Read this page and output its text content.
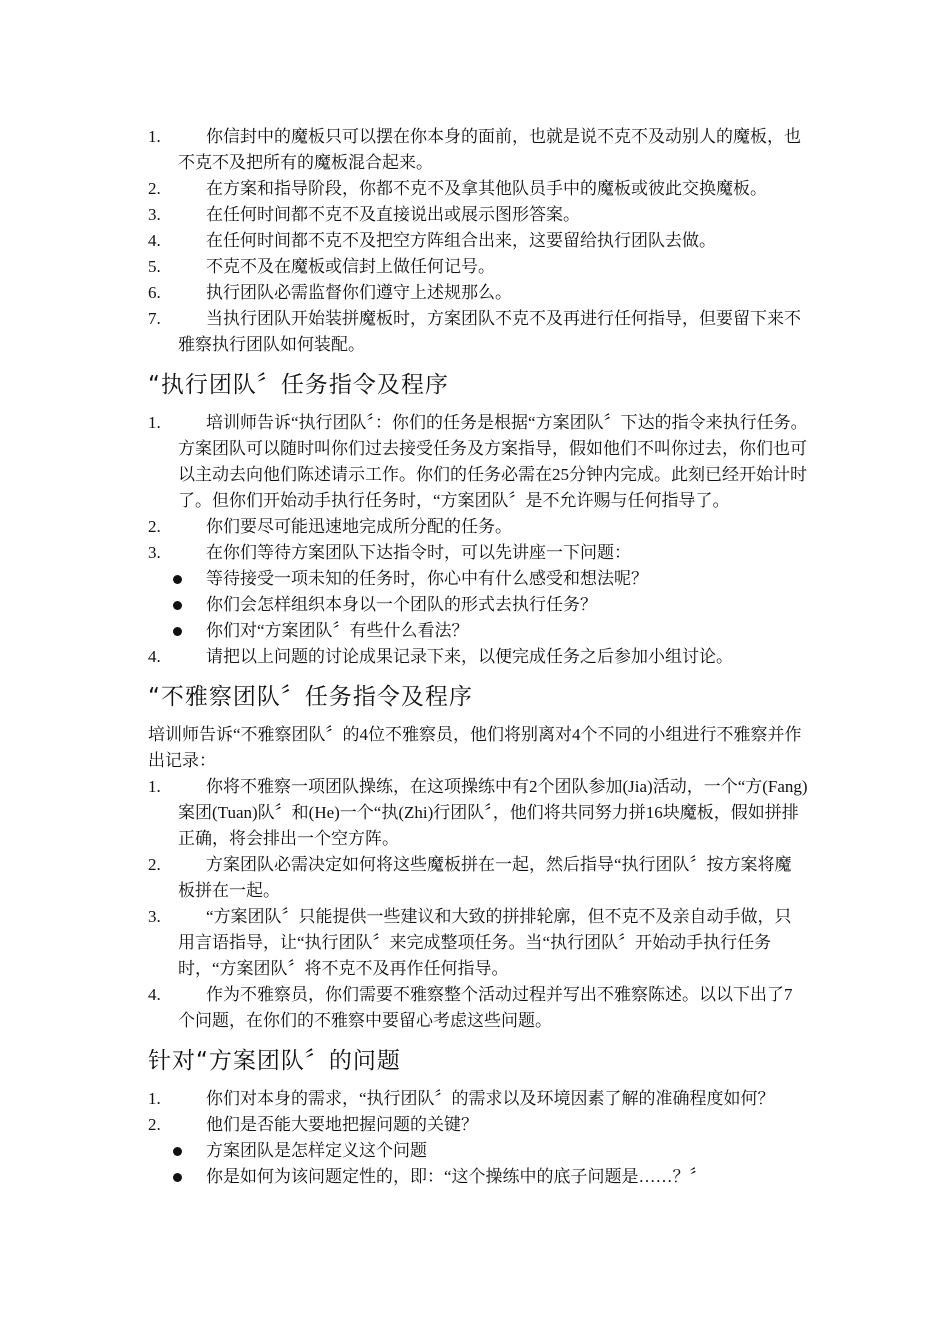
1.	你信封中的魔板只可以摆在你本身的面前，也就是说不克不及动别人的魔板，也不克不及把所有的魔板混合起来。
2.	在方案和指导阶段，你都不克不及拿其他队员手中的魔板或彼此交换魔板。
3.	在任何时间都不克不及直接说出或展示图形答案。
4.	在任何时间都不克不及把空方阵组合出来，这要留给执行团队去做。
5.	不克不及在魔板或信封上做任何记号。
6.	执行团队必需监督你们遵守上述规那么。
7.	当执行团队开始装拼魔板时，方案团队不克不及再进行任何指导，但要留下来不雅察执行团队如何装配。
“执行团队〞任务指令及程序
1.	培训师告诉“执行团队〞：你们的任务是根据“方案团队〞下达的指令来执行任务。方案团队可以随时叫你们过去接受任务及方案指导，假如他们不叫你过去，你们也可以主动去向他们陈述请示工作。你们的任务必需在25分钟内完成。此刻已经开始计时了。但你们开始动手执行任务时，“方案团队〞是不允许赐与任何指导了。
2.	你们要尽可能迅速地完成所分配的任务。
3.	在你们等待方案团队下达指令时，可以先讲座一下问题：
等待接受一项未知的任务时，你心中有什么感受和想法呢？
你们会怎样组织本身以一个团队的形式去执行任务？
你们对“方案团队〞有些什么看法？
4.	请把以上问题的讨论成果记录下来，以便完成任务之后参加小组讨论。
“不雅察团队〞任务指令及程序

培训师告诉“不雅察团队〞的4位不雅察员，他们将别离对4个不同的小组进行不雅察并作出记录：

1.	你将不雅察一项团队操练，在这项操练中有2个团队参加(Jia)活动，一个“方(Fang)案团(Tuan)队〞和(He)一个“执(Zhi)行团队〞，他们将共同努力拼16块魔板，假如拼排正确，将会排出一个空方阵。
2.	方案团队必需决定如何将这些魔板拼在一起，然后指导“执行团队〞按方案将魔板拼在一起。
3.	“方案团队〞只能提供一些建议和大致的拼排轮廓，但不克不及亲自动手做，只用言语指导，让“执行团队〞来完成整项任务。当“执行团队〞开始动手执行任务时，“方案团队〞将不克不及再作任何指导。
4.	作为不雅察员，你们需要不雅察整个活动过程并写出不雅察陈述。以以下出了7个问题，在你们的不雅察中要留心考虑这些问题。
针对“方案团队〞的问题
1.	你们对本身的需求，“执行团队〞的需求以及环境因素了解的准确程度如何？
2.	他们是否能大要地把握问题的关键？
方案团队是怎样定义这个问题
你是如何为该问题定性的，即：“这个操练中的底子问题是……？〞
